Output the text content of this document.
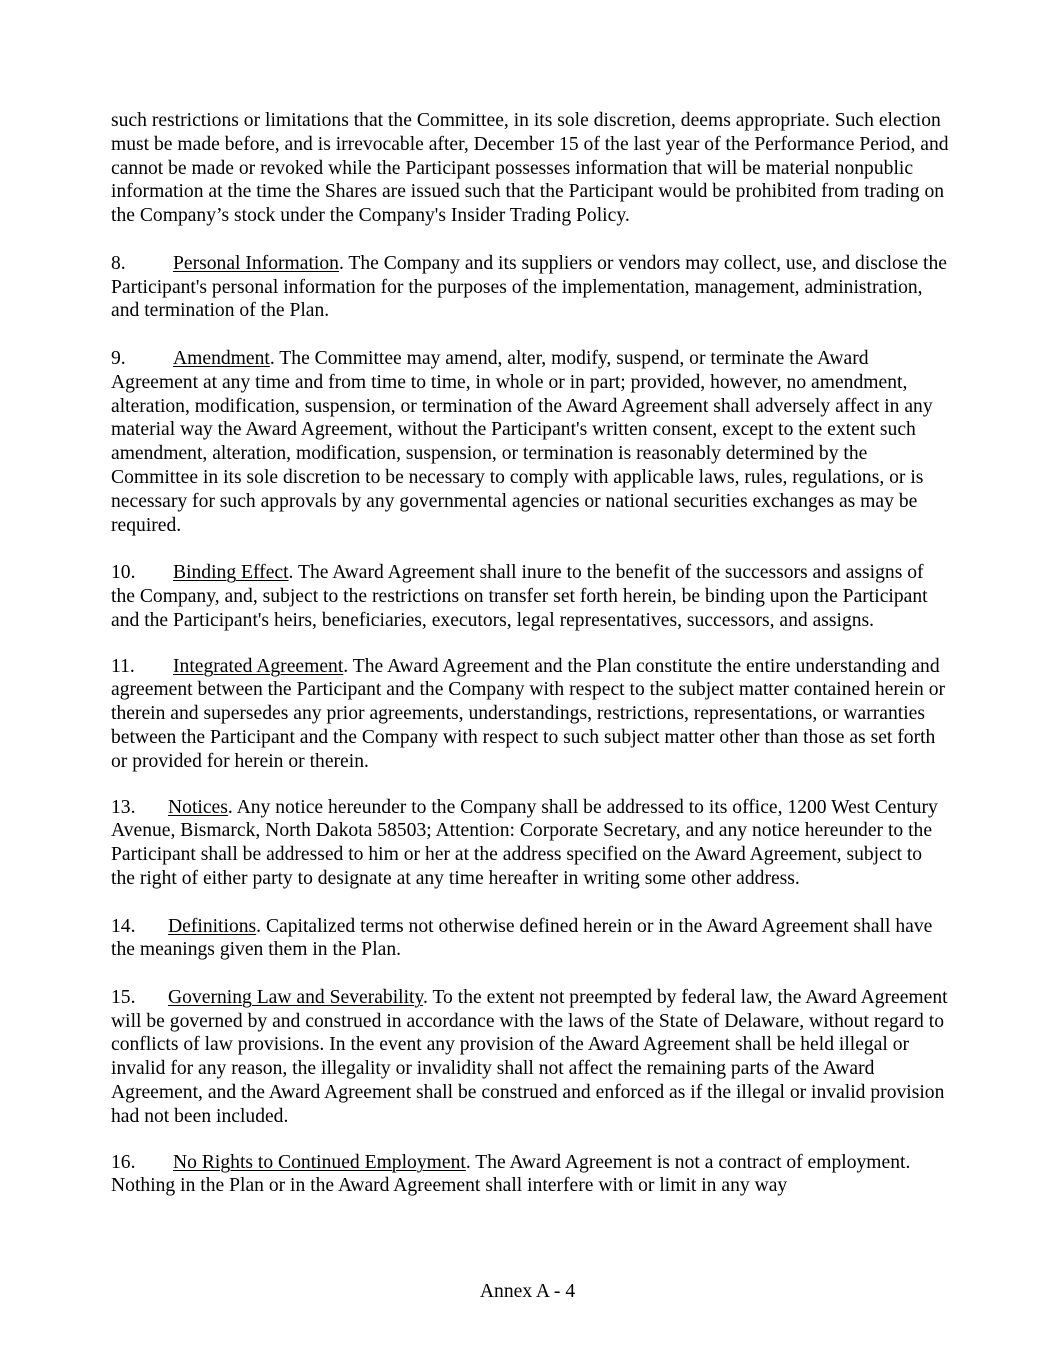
such restrictions or limitations that the Committee, in its sole discretion, deems appropriate. Such election must be made before, and is irrevocable after, December 15 of the last year of the Performance Period, and cannot be made or revoked while the Participant possesses information that will be material nonpublic information at the time the Shares are issued such that the Participant would be prohibited from trading on the Company’s stock under the Company's Insider Trading Policy.

8. Personal Information. The Company and its suppliers or vendors may collect, use, and disclose the Participant's personal information for the purposes of the implementation, management, administration, and termination of the Plan.

9. Amendment. The Committee may amend, alter, modify, suspend, or terminate the Award Agreement at any time and from time to time, in whole or in part; provided, however, no amendment, alteration, modification, suspension, or termination of the Award Agreement shall adversely affect in any material way the Award Agreement, without the Participant's written consent, except to the extent such amendment, alteration, modification, suspension, or termination is reasonably determined by the Committee in its sole discretion to be necessary to comply with applicable laws, rules, regulations, or is necessary for such approvals by any governmental agencies or national securities exchanges as may be required.

10. Binding Effect. The Award Agreement shall inure to the benefit of the successors and assigns of the Company, and, subject to the restrictions on transfer set forth herein, be binding upon the Participant and the Participant's heirs, beneficiaries, executors, legal representatives, successors, and assigns.

11. Integrated Agreement. The Award Agreement and the Plan constitute the entire understanding and agreement between the Participant and the Company with respect to the subject matter contained herein or therein and supersedes any prior agreements, understandings, restrictions, representations, or warranties between the Participant and the Company with respect to such subject matter other than those as set forth or provided for herein or therein.

13. Notices. Any notice hereunder to the Company shall be addressed to its office, 1200 West Century Avenue, Bismarck, North Dakota 58503; Attention: Corporate Secretary, and any notice hereunder to the Participant shall be addressed to him or her at the address specified on the Award Agreement, subject to the right of either party to designate at any time hereafter in writing some other address.

14. Definitions. Capitalized terms not otherwise defined herein or in the Award Agreement shall have the meanings given them in the Plan.

15. Governing Law and Severability. To the extent not preempted by federal law, the Award Agreement will be governed by and construed in accordance with the laws of the State of Delaware, without regard to conflicts of law provisions. In the event any provision of the Award Agreement shall be held illegal or invalid for any reason, the illegality or invalidity shall not affect the remaining parts of the Award Agreement, and the Award Agreement shall be construed and enforced as if the illegal or invalid provision had not been included.

16. No Rights to Continued Employment. The Award Agreement is not a contract of employment. Nothing in the Plan or in the Award Agreement shall interfere with or limit in any way

Annex A - 4
